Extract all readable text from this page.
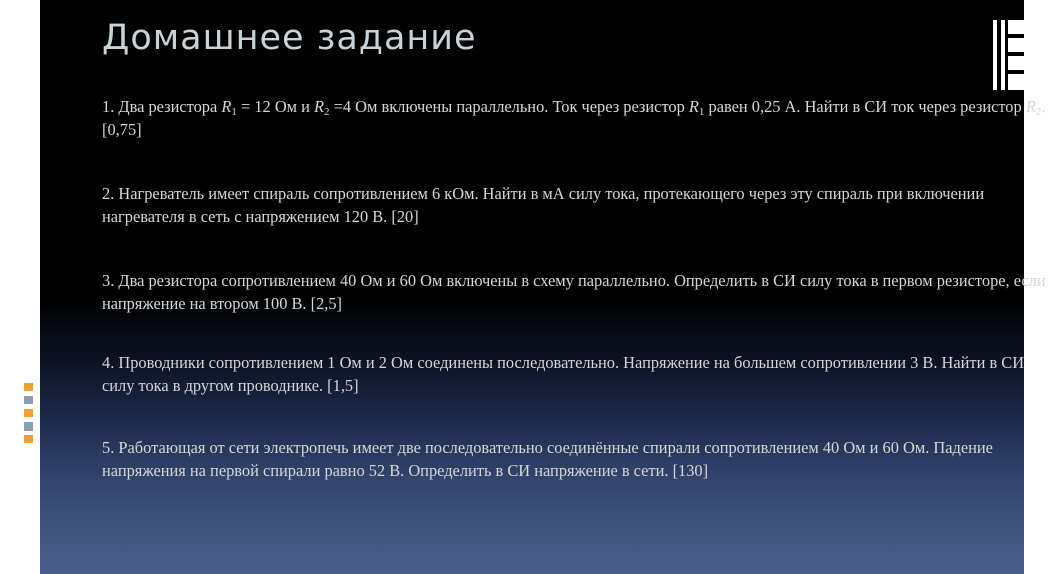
Домашнее задание

1. Два резистора $R_1 = 12$ Ом и $R_2 =4$ Ом включены параллельно. Ток через резистор $R_1$ равен 0,25 А. Найти в СИ ток через резистор $R_2$. [0,75]

2. Нагреватель имеет спираль сопротивлением 6 кОм. Найти в мА силу тока, протекающего через эту спираль при включении нагревателя в сеть с напряжением 120 В. [20]

3. Два резистора сопротивлением 40 Ом и 60 Ом включены в схему параллельно. Определить в СИ силу тока в первом резисторе, если напряжение на втором 100 В. [2,5]

4. Проводники сопротивлением 1 Ом и 2 Ом соединены последовательно. Напряжение на большем сопротивлении 3 В. Найти в СИ силу тока в другом проводнике. [1,5]

5. Работающая от сети электропечь имеет две последовательно соединённые спирали сопротивлением 40 Ом и 60 Ом. Падение напряжения на первой спирали равно 52 В. Определить в СИ напряжение в сети. [130]
